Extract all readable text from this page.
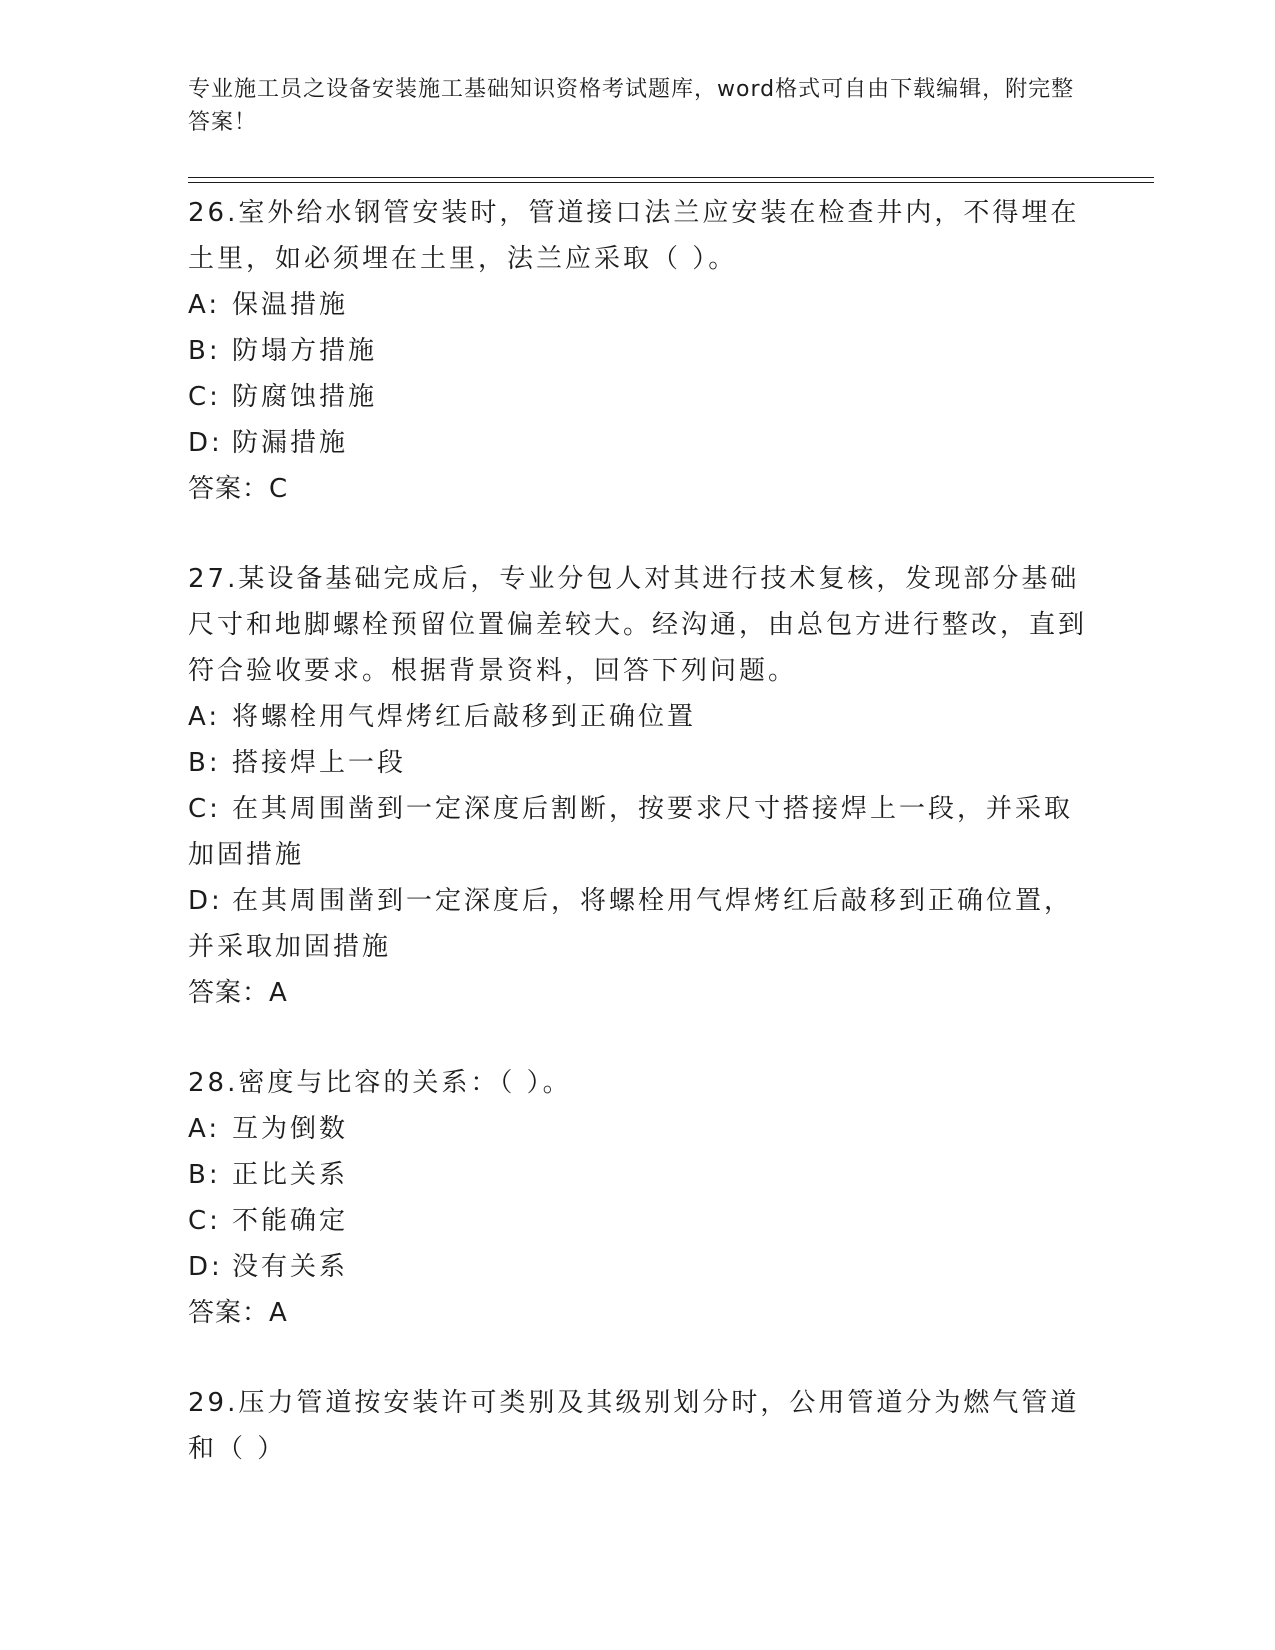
专业施工员之设备安装施工基础知识资格考试题库，word格式可自由下载编辑，附完整答案！
26.室外给水钢管安装时，管道接口法兰应安装在检查井内，不得埋在土里，如必须埋在土里，法兰应采取（ ）。
A: 保温措施
B: 防塌方措施
C: 防腐蚀措施
D: 防漏措施
答案：C
27.某设备基础完成后，专业分包人对其进行技术复核，发现部分基础尺寸和地脚螺栓预留位置偏差较大。经沟通，由总包方进行整改，直到符合验收要求。根据背景资料，回答下列问题。
A: 将螺栓用气焊烤红后敲移到正确位置
B: 搭接焊上一段
C: 在其周围凿到一定深度后割断，按要求尺寸搭接焊上一段，并采取加固措施
D: 在其周围凿到一定深度后，将螺栓用气焊烤红后敲移到正确位置，并采取加固措施
答案：A
28.密度与比容的关系：（ ）。
A: 互为倒数
B: 正比关系
C: 不能确定
D: 没有关系
答案：A
29.压力管道按安装许可类别及其级别划分时，公用管道分为燃气管道和（ ）
